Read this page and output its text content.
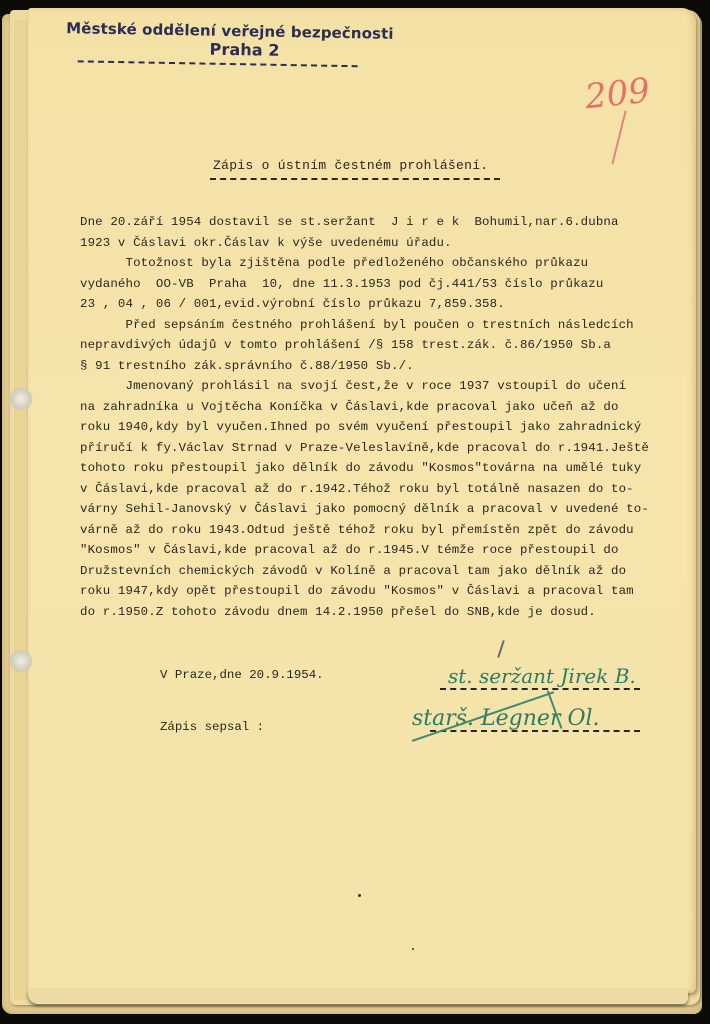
Městské oddělení veřejné bezpečnosti
Praha 2
209
Zápis o ústním čestném prohlášení.
Dne 20.září 1954 dostavil se st.seržant  J i r e k  Bohumil,nar.6.dubna
1923 v Čáslavi okr.Čáslav k výše uvedenému úřadu.
Totožnost byla zjištěna podle předloženého občanského průkazu
vydaného  OO-VB  Praha  10, dne 11.3.1953 pod čj.441/53 číslo průkazu
23 , 04 , 06 / 001,evid.výrobní číslo průkazu 7,859.358.
Před sepsáním čestného prohlášení byl poučen o trestních následcích
nepravdivých údajů v tomto prohlášení /§ 158 trest.zák. č.86/1950 Sb.a
§ 91 trestního zák.správního č.88/1950 Sb./.
Jmenovaný prohlásil na svojí čest,že v roce 1937 vstoupil do učení
na zahradníka u Vojtěcha Koníčka v Čáslavi,kde pracoval jako učeň až do
roku 1940,kdy byl vyučen.Ihned po svém vyučení přestoupil jako zahradnický
příručí k fy.Václav Strnad v Praze-Veleslavíně,kde pracoval do r.1941.Ještě
tohoto roku přestoupil jako dělník do závodu "Kosmos"továrna na umělé tuky
v Čáslavi,kde pracoval až do r.1942.Téhož roku byl totálně nasazen do to-
várny Sehil-Janovský v Čáslavi jako pomocný dělník a pracoval v uvedené to-
várně až do roku 1943.Odtud ještě téhož roku byl přemístěn zpět do závodu
"Kosmos" v Čáslavi,kde pracoval až do r.1945.V témže roce přestoupil do
Družstevních chemických závodů v Kolíně a pracoval tam jako dělník až do
roku 1947,kdy opět přestoupil do závodu "Kosmos" v Čáslavi a pracoval tam
do r.1950.Z tohoto závodu dnem 14.2.1950 přešel do SNB,kde je dosud.
V Praze,dne 20.9.1954.
Zápis sepsal :
st. seržant Jirek B.
starš. Legner Ol.
